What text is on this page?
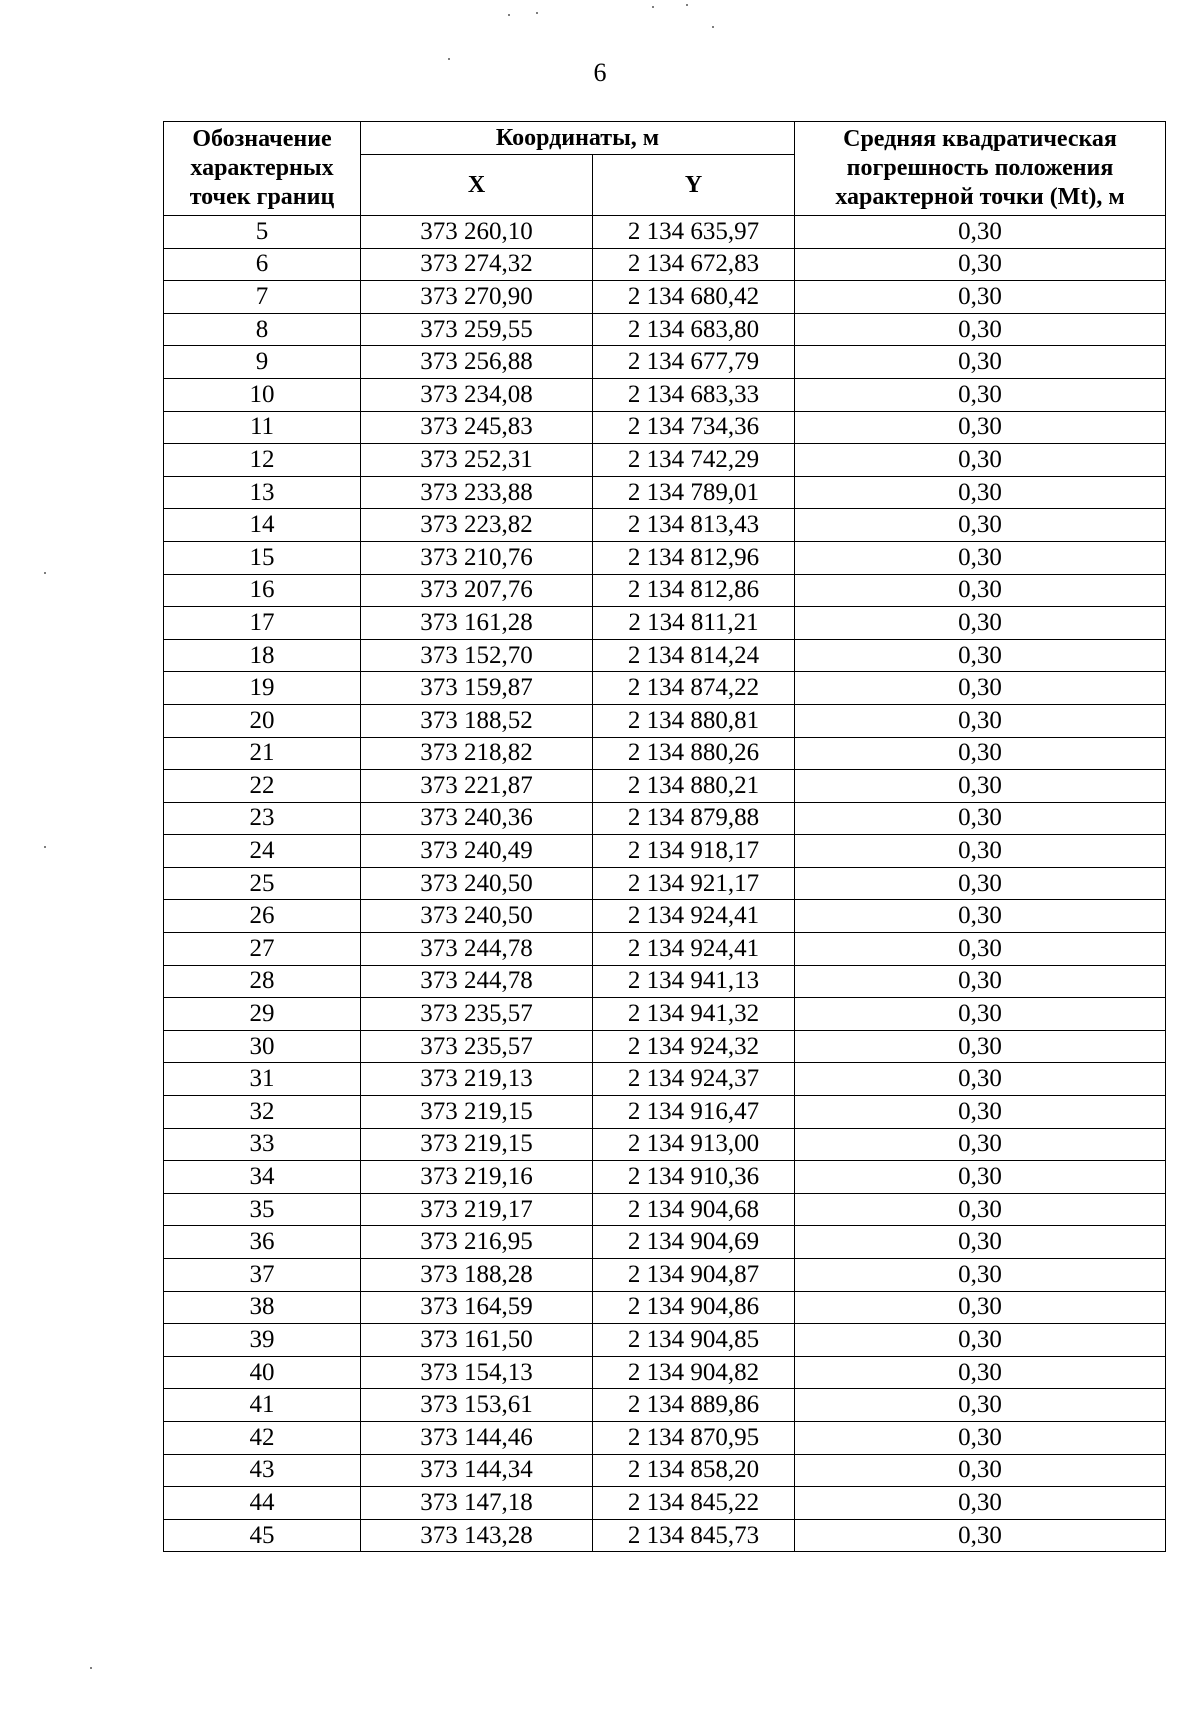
6
Обозначение характерных точек границ	Координаты, м		Средняя квадратическая погрешность положения характерной точки (Mt), м
	X	Y	
5	373 260,10	2 134 635,97	0,30
6	373 274,32	2 134 672,83	0,30
7	373 270,90	2 134 680,42	0,30
8	373 259,55	2 134 683,80	0,30
9	373 256,88	2 134 677,79	0,30
10	373 234,08	2 134 683,33	0,30
11	373 245,83	2 134 734,36	0,30
12	373 252,31	2 134 742,29	0,30
13	373 233,88	2 134 789,01	0,30
14	373 223,82	2 134 813,43	0,30
15	373 210,76	2 134 812,96	0,30
16	373 207,76	2 134 812,86	0,30
17	373 161,28	2 134 811,21	0,30
18	373 152,70	2 134 814,24	0,30
19	373 159,87	2 134 874,22	0,30
20	373 188,52	2 134 880,81	0,30
21	373 218,82	2 134 880,26	0,30
22	373 221,87	2 134 880,21	0,30
23	373 240,36	2 134 879,88	0,30
24	373 240,49	2 134 918,17	0,30
25	373 240,50	2 134 921,17	0,30
26	373 240,50	2 134 924,41	0,30
27	373 244,78	2 134 924,41	0,30
28	373 244,78	2 134 941,13	0,30
29	373 235,57	2 134 941,32	0,30
30	373 235,57	2 134 924,32	0,30
31	373 219,13	2 134 924,37	0,30
32	373 219,15	2 134 916,47	0,30
33	373 219,15	2 134 913,00	0,30
34	373 219,16	2 134 910,36	0,30
35	373 219,17	2 134 904,68	0,30
36	373 216,95	2 134 904,69	0,30
37	373 188,28	2 134 904,87	0,30
38	373 164,59	2 134 904,86	0,30
39	373 161,50	2 134 904,85	0,30
40	373 154,13	2 134 904,82	0,30
41	373 153,61	2 134 889,86	0,30
42	373 144,46	2 134 870,95	0,30
43	373 144,34	2 134 858,20	0,30
44	373 147,18	2 134 845,22	0,30
45	373 143,28	2 134 845,73	0,30
